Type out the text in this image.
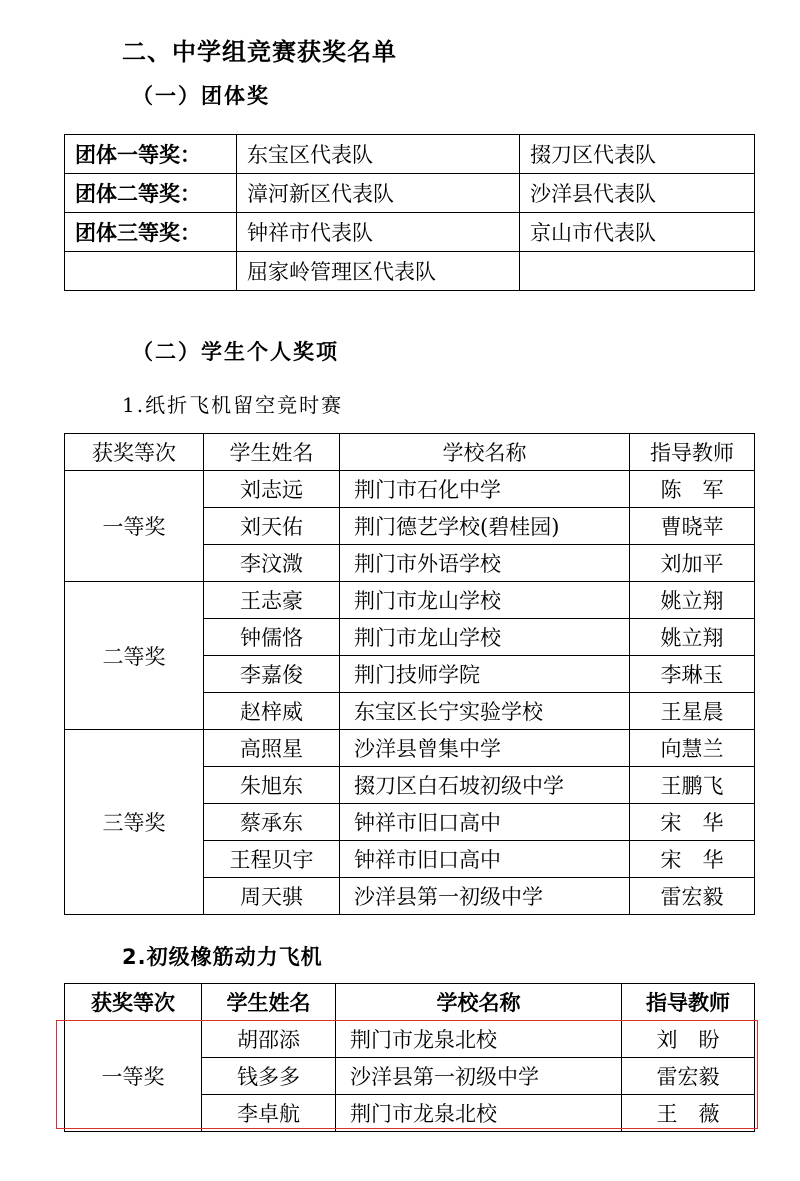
二、中学组竞赛获奖名单
（一）团体奖
团体一等奖：	东宝区代表队	掇刀区代表队
团体二等奖：	漳河新区代表队	沙洋县代表队
团体三等奖：	钟祥市代表队	京山市代表队
	屈家岭管理区代表队	
（二）学生个人奖项
1.纸折飞机留空竞时赛
获奖等次	学生姓名	学校名称	指导教师
一等奖	刘志远	荆门市石化中学	陈　军
	刘天佑	荆门德艺学校(碧桂园)	曹晓苹
	李汶溦	荆门市外语学校	刘加平
二等奖	王志豪	荆门市龙山学校	姚立翔
	钟儒恪	荆门市龙山学校	姚立翔
	李嘉俊	荆门技师学院	李琳玉
	赵梓威	东宝区长宁实验学校	王星晨
三等奖	高照星	沙洋县曾集中学	向慧兰
	朱旭东	掇刀区白石坡初级中学	王鹏飞
	蔡承东	钟祥市旧口高中	宋　华
	王程贝宇	钟祥市旧口高中	宋　华
	周天骐	沙洋县第一初级中学	雷宏毅
2.初级橡筋动力飞机
获奖等次	学生姓名	学校名称	指导教师
一等奖	胡邵添	荆门市龙泉北校	刘　盼
	钱多多	沙洋县第一初级中学	雷宏毅
	李卓航	荆门市龙泉北校	王　薇
